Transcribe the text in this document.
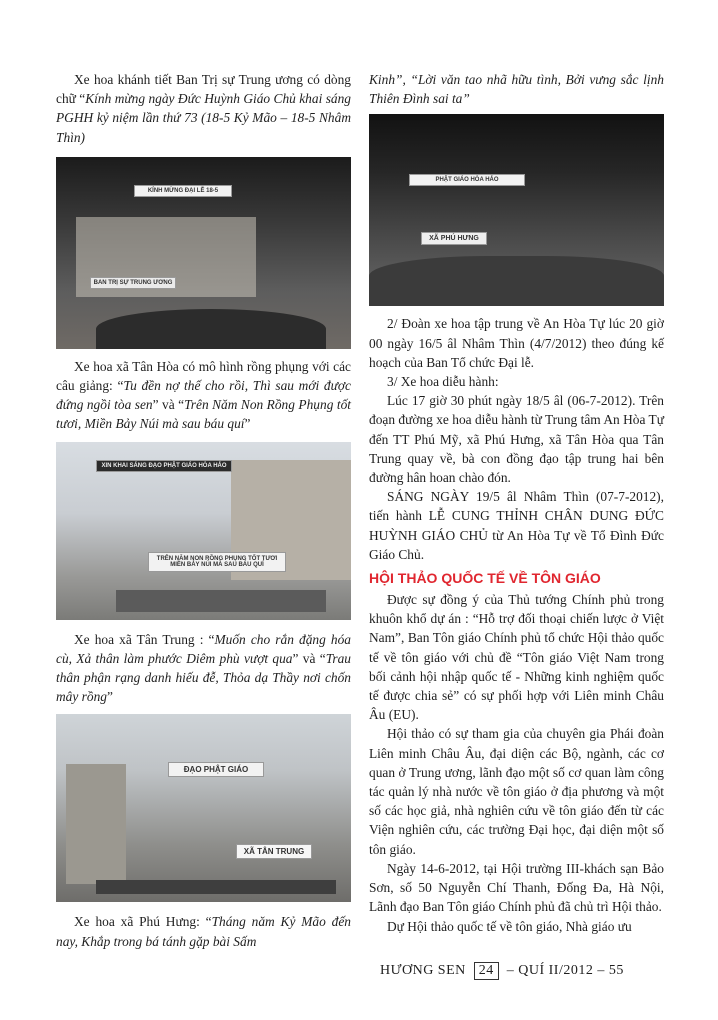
Xe hoa khánh tiết Ban Trị sự Trung ương có dòng chữ “Kính mừng ngày Đức Huỳnh Giáo Chủ khai sáng PGHH kỷ niệm lần thứ 73 (18-5 Kỷ Mão – 18-5 Nhâm Thìn)

KÍNH MỪNG ĐẠI LỄ 18-5
BAN TRỊ SỰ TRUNG ƯƠNG

Xe hoa xã Tân Hòa có mô hình rồng phụng với các câu giảng: “Tu đền nợ thế cho rồi, Thì sau mới được đứng ngồi tòa sen” và “Trên Năm Non Rồng Phụng tốt tươi, Miền Bảy Núi mà sau báu quí”

XIN KHAI SÁNG ĐẠO PHẬT GIÁO HÒA HẢO
TRÊN NĂM NON RỒNG PHỤNG TỐT TƯƠI MIỀN BẢY NÚI MÀ SAU BÁU QUÍ

Xe hoa xã Tân Trung : “Muốn cho rắn đặng hóa cù, Xả thân làm phước Diêm phù vượt qua” và “Trau thân phận rạng danh hiếu đễ, Thỏa dạ Thầy nơi chốn mây rồng”

ĐẠO PHẬT GIÁO
XÃ TÂN TRUNG

Xe hoa xã Phú Hưng: “Tháng năm Kỷ Mão đến nay, Khắp trong bá tánh gặp bài Sấm

Kinh”, “Lời văn tao nhã hữu tình, Bởi vưng sắc lịnh Thiên Đình sai ta”

PHẬT GIÁO HÒA HẢO
XÃ PHÚ HƯNG

2/ Đoàn xe hoa tập trung về An Hòa Tự lúc 20 giờ 00 ngày 16/5 âl Nhâm Thìn (4/7/2012) theo đúng kế hoạch của Ban Tổ chức Đại lễ.

3/ Xe hoa diễu hành:

Lúc 17 giờ 30 phút ngày 18/5 âl (06-7-2012). Trên đoạn đường xe hoa diễu hành từ Trung tâm An Hòa Tự đến TT Phú Mỹ, xã Phú Hưng, xã Tân Hòa qua Tân Trung quay về, bà con đồng đạo tập trung hai bên đường hân hoan chào đón.

SÁNG NGÀY 19/5 âl Nhâm Thìn (07-7-2012), tiến hành LỄ CUNG THỈNH CHÂN DUNG ĐỨC HUỲNH GIÁO CHỦ từ An Hòa Tự về Tổ Đình Đức Giáo Chủ.

HỘI THẢO QUỐC TẾ VỀ TÔN GIÁO

Được sự đồng ý của Thủ tướng Chính phủ trong khuôn khổ dự án : “Hỗ trợ đối thoại chiến lược ở Việt Nam”, Ban Tôn giáo Chính phủ tổ chức Hội thảo quốc tế về tôn giáo với chủ đề “Tôn giáo Việt Nam trong bối cảnh hội nhập quốc tế - Những kinh nghiệm quốc tế được chia sẻ” có sự phối hợp với Liên minh Châu Âu (EU).

Hội thảo có sự tham gia của chuyên gia Phái đoàn Liên minh Châu Âu, đại diện các Bộ, ngành, các cơ quan ở Trung ương, lãnh đạo một số cơ quan làm công tác quản lý nhà nước về tôn giáo ở địa phương và một số các học giả, nhà nghiên cứu về tôn giáo đến từ các Viện nghiên cứu, các trường Đại học, đại diện một số tôn giáo.

Ngày 14-6-2012, tại Hội trường III-khách sạn Bảo Sơn, số 50 Nguyễn Chí Thanh, Đống Đa, Hà Nội, Lãnh đạo Ban Tôn giáo Chính phủ đã chủ trì Hội thảo.

Dự Hội thảo quốc tế về tôn giáo, Nhà giáo ưu

HƯƠNG SEN 24 – QUÍ II/2012 – 55
